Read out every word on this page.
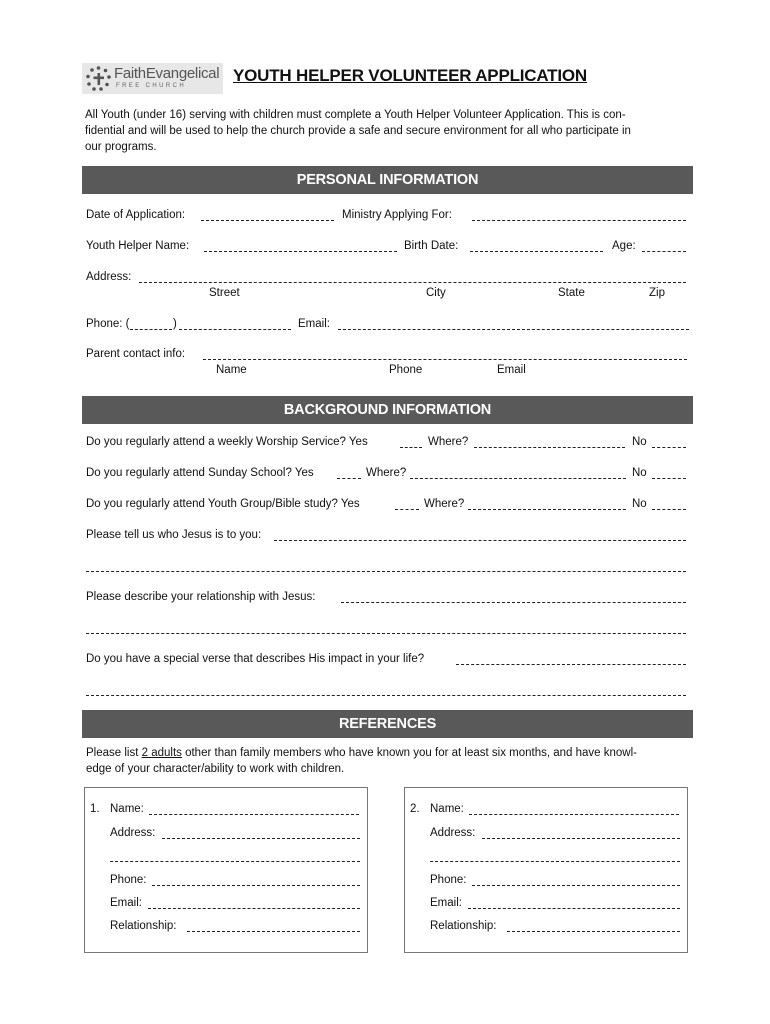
FaithEvangelical
FREE CHURCH
YOUTH HELPER VOLUNTEER APPLICATION
All Youth (under 16) serving with children must complete a Youth Helper Volunteer Application. This is con-
fidential and will be used to help the church provide a safe and secure environment for all who participate in
our programs.
PERSONAL INFORMATION
Date of Application:	Ministry Applying For:
Youth Helper Name:	Birth Date:	Age:
Address:
Street	City	State	Zip
Phone: (	)	Email:
Parent contact info:
Name	Phone	Email
BACKGROUND INFORMATION
Do you regularly attend a weekly Worship Service? Yes	Where?	No
Do you regularly attend Sunday School? Yes	Where?	No
Do you regularly attend Youth Group/Bible study? Yes	Where?	No
Please tell us who Jesus is to you:
Please describe your relationship with Jesus:
Do you have a special verse that describes His impact in your life?
REFERENCES
Please list 2 adults other than family members who have known you for at least six months, and have knowl-
edge of your character/ability to work with children.
1. Name:
Address:
Phone:
Email:
Relationship:
2. Name:
Address:
Phone:
Email:
Relationship:
